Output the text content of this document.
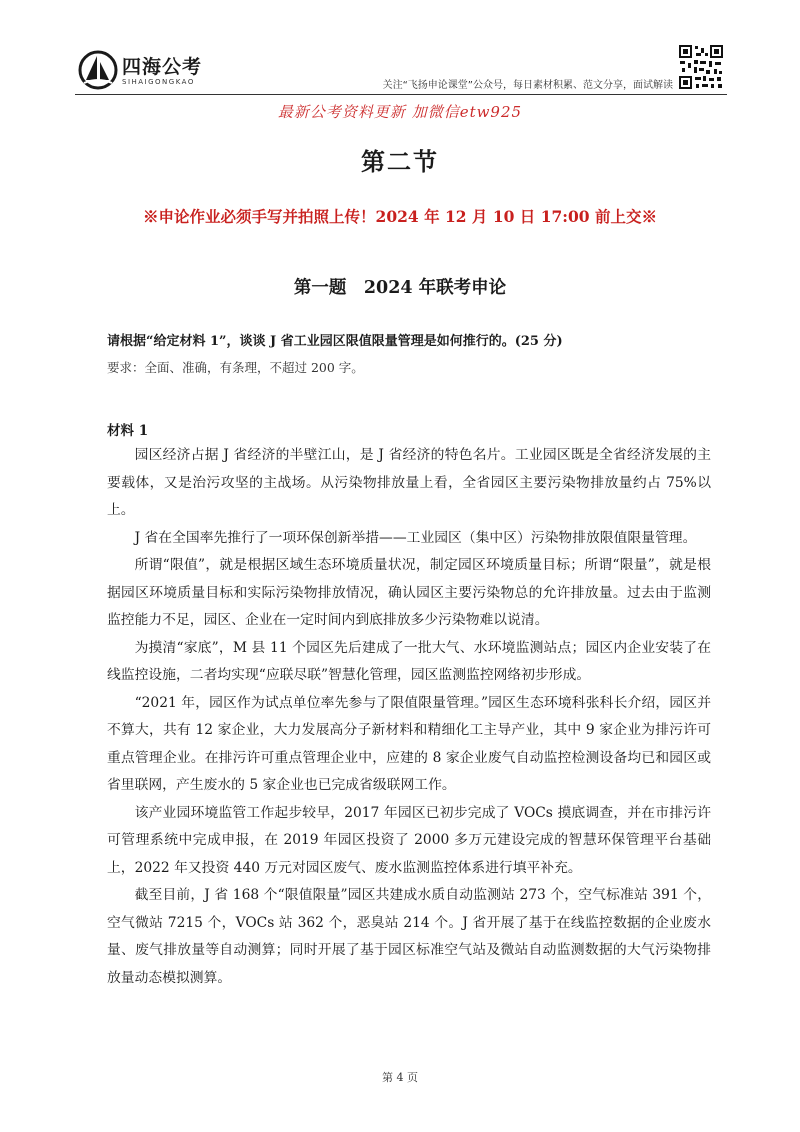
四海公考
SIHAIGONGKAO	关注“飞扬申论课堂”公众号，每日素材积累、范文分享，面试解读
最新公考资料更新 加微信etw925
第二节
※申论作业必须手写并拍照上传！2024 年 12 月 10 日 17:00 前上交※
第一题　2024 年联考申论
请根据“给定材料 1”，谈谈 J 省工业园区限值限量管理是如何推行的。(25 分)
要求：全面、准确，有条理，不超过 200 字。
材料 1

园区经济占据 J 省经济的半壁江山，是 J 省经济的特色名片。工业园区既是全省经济发展的主要载体，又是治污攻坚的主战场。从污染物排放量上看，全省园区主要污染物排放量约占 75%以上。

J 省在全国率先推行了一项环保创新举措——工业园区（集中区）污染物排放限值限量管理。

所谓“限值”，就是根据区域生态环境质量状况，制定园区环境质量目标；所谓“限量”，就是根据园区环境质量目标和实际污染物排放情况，确认园区主要污染物总的允许排放量。过去由于监测监控能力不足，园区、企业在一定时间内到底排放多少污染物难以说清。

为摸清“家底”，M 县 11 个园区先后建成了一批大气、水环境监测站点；园区内企业安装了在线监控设施，二者均实现“应联尽联”智慧化管理，园区监测监控网络初步形成。

“2021 年，园区作为试点单位率先参与了限值限量管理。”园区生态环境科张科长介绍，园区并不算大，共有 12 家企业，大力发展高分子新材料和精细化工主导产业，其中 9 家企业为排污许可重点管理企业。在排污许可重点管理企业中，应建的 8 家企业废气自动监控检测设备均已和园区或省里联网，产生废水的 5 家企业也已完成省级联网工作。

该产业园环境监管工作起步较早，2017 年园区已初步完成了 VOCs 摸底调查，并在市排污许可管理系统中完成申报，在 2019 年园区投资了 2000 多万元建设完成的智慧环保管理平台基础上，2022 年又投资 440 万元对园区废气、废水监测监控体系进行填平补充。

截至目前，J 省 168 个“限值限量”园区共建成水质自动监测站 273 个，空气标准站 391 个，空气微站 7215 个，VOCs 站 362 个，恶臭站 214 个。J 省开展了基于在线监控数据的企业废水量、废气排放量等自动测算；同时开展了基于园区标准空气站及微站自动监测数据的大气污染物排放量动态模拟测算。

第 4 页
